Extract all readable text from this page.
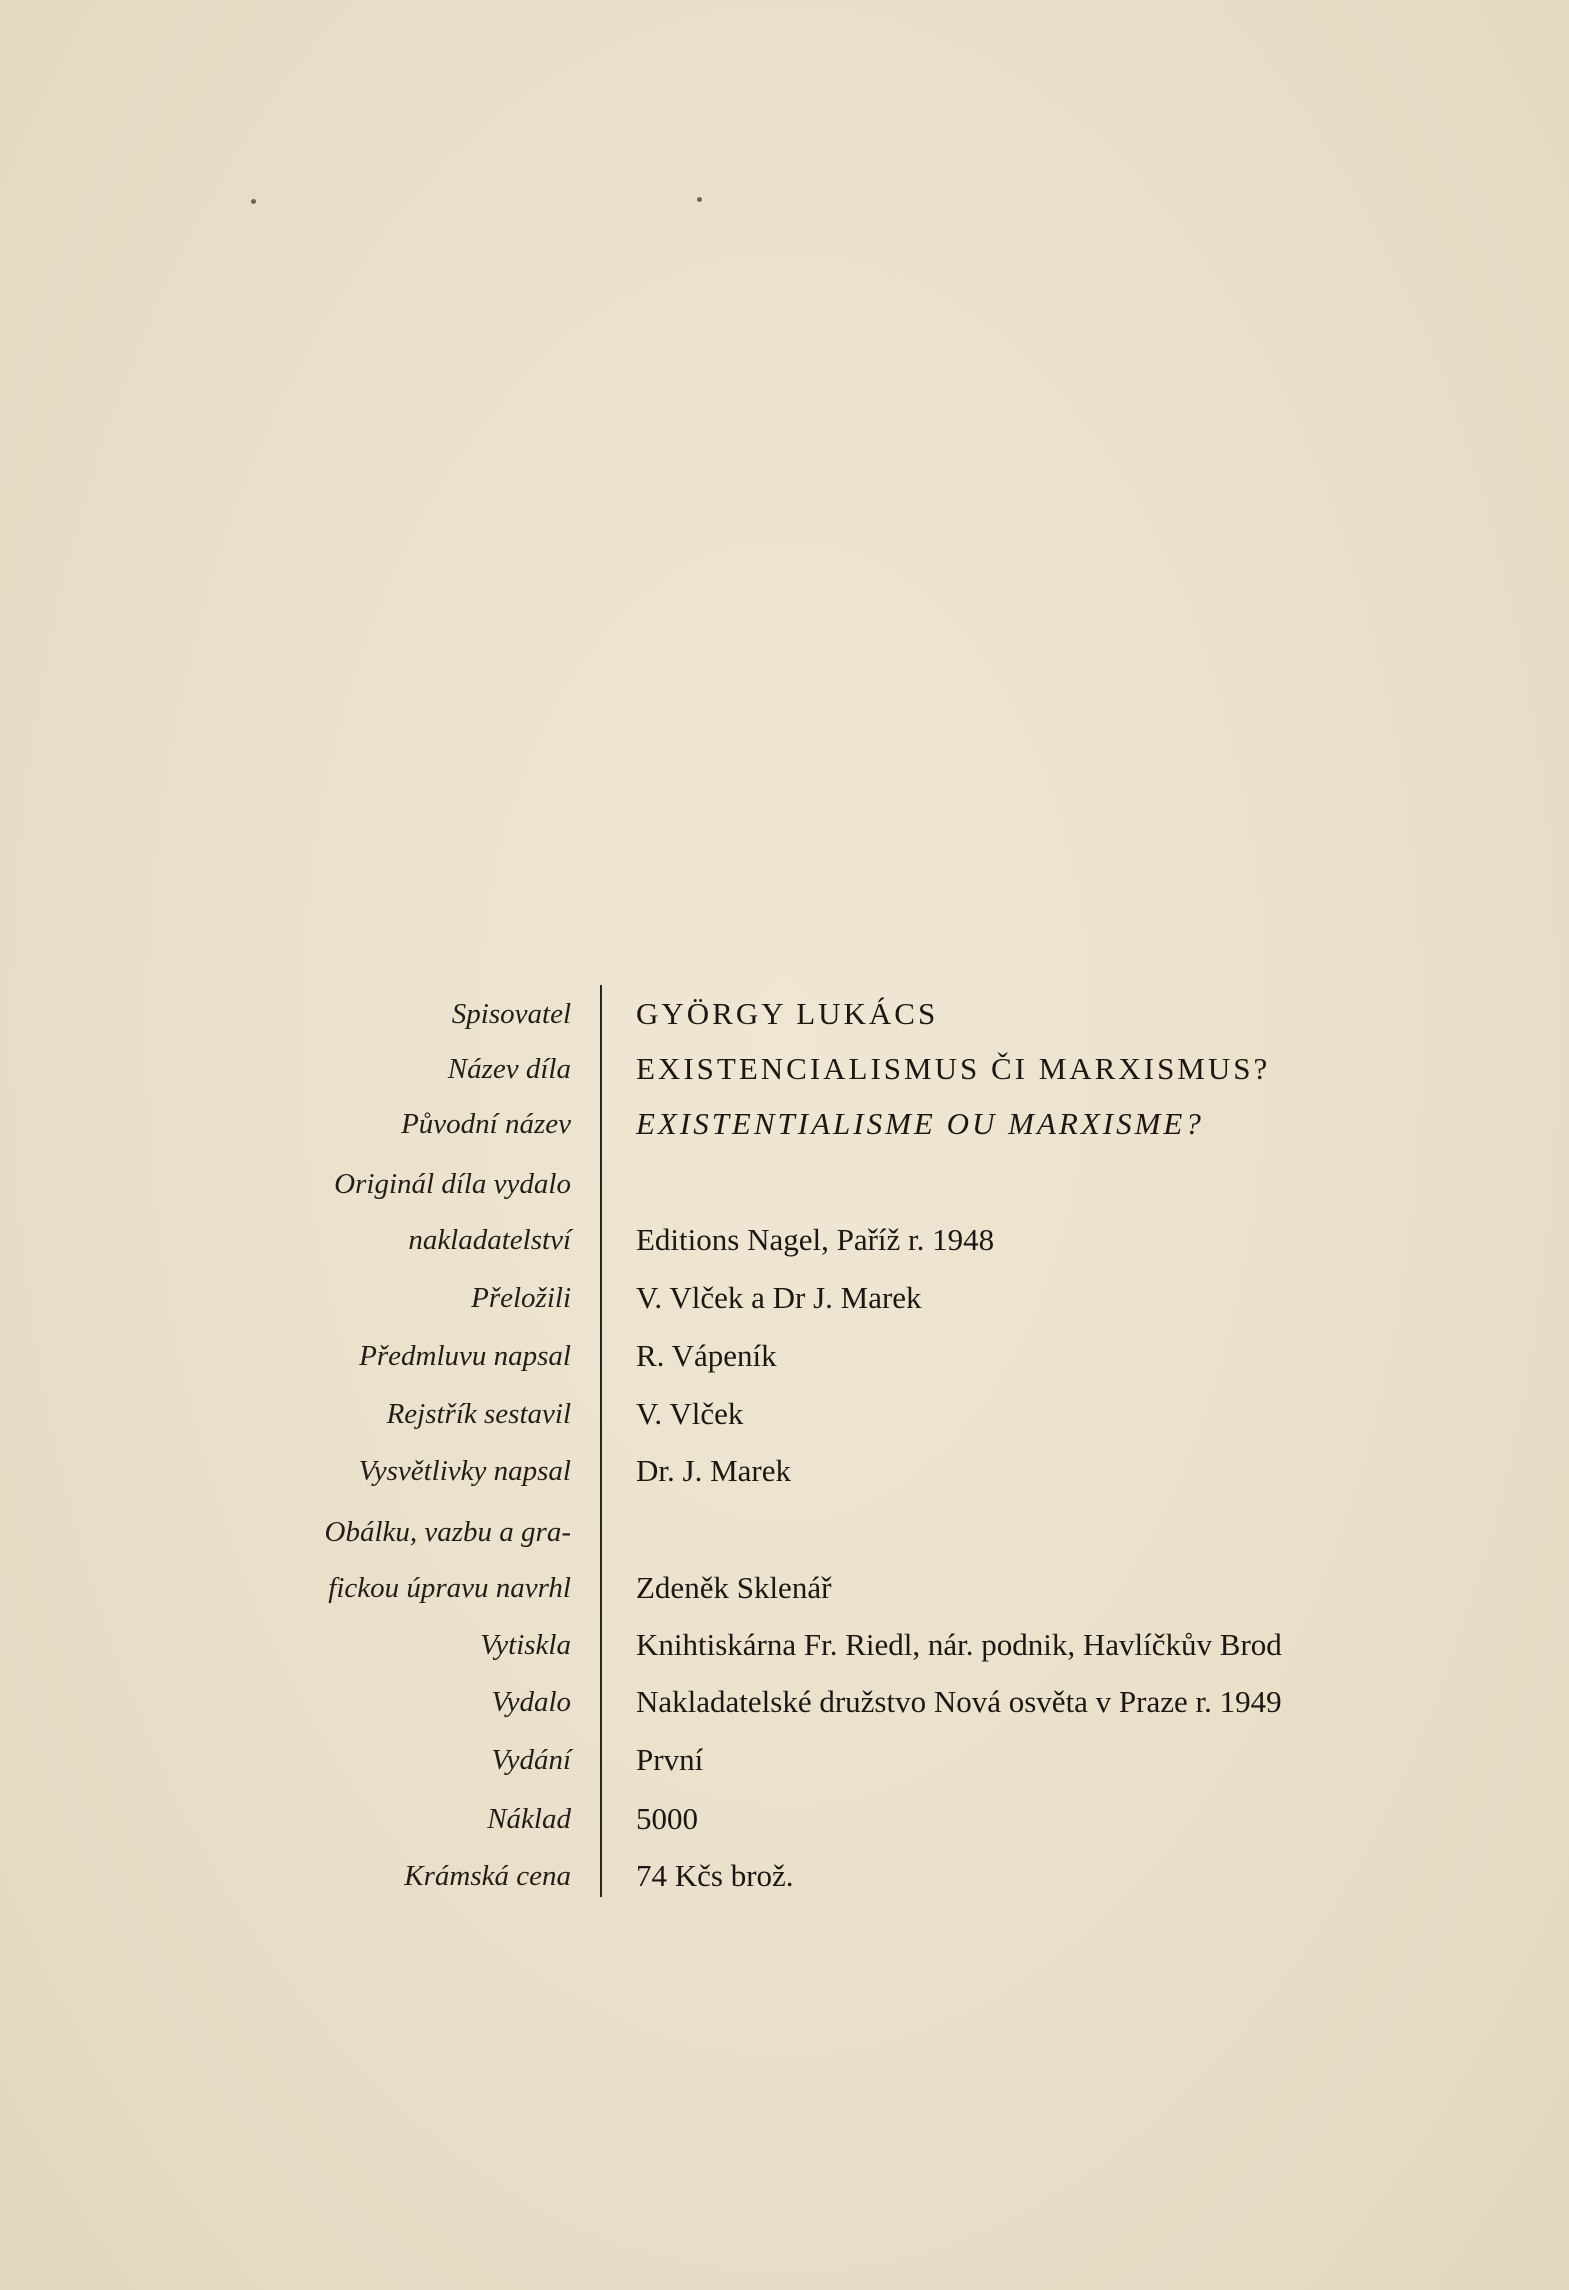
Spisovatel GYÖRGY LUKÁCS
Název díla EXISTENCIALISMUS ČI MARXISMUS?
Původní název EXISTENTIALISME OU MARXISME?
Originál díla vydalo
nakladatelství Editions Nagel, Paříž r. 1948
Přeložili V. Vlček a Dr J. Marek
Předmluvu napsal R. Vápeník
Rejstřík sestavil V. Vlček
Vysvětlivky napsal Dr. J. Marek
Obálku, vazbu a gra-
fickou úpravu navrhl Zdeněk Sklenář
Vytiskla Knihtiskárna Fr. Riedl, nár. podnik, Havlíčkův Brod
Vydalo Nakladatelské družstvo Nová osvěta v Praze r. 1949
Vydání První
Náklad 5000
Krámská cena 74 Kčs brož.
